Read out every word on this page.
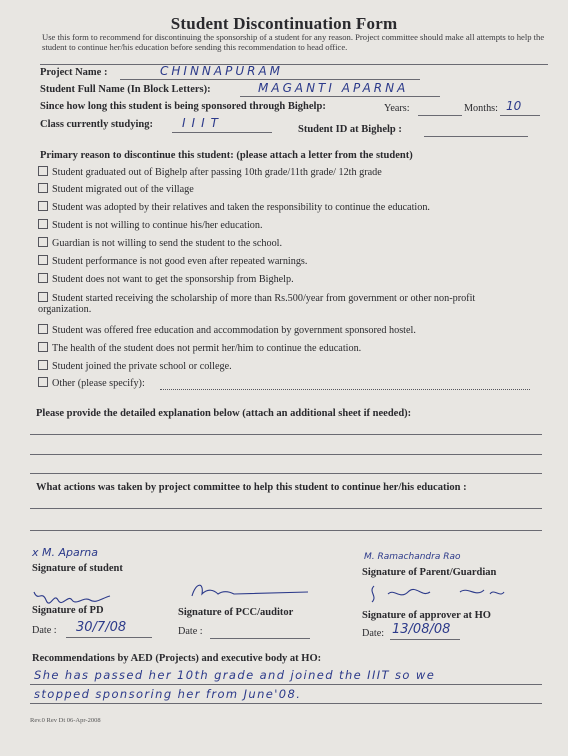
Student Discontinuation Form
Use this form to recommend for discontinuing the sponsorship of a student for any reason. Project committee should make all attempts to help the student to continue her/his education before sending this recommendation to head office.
Project Name :	CHINNAPURAM
Student Full Name (In Block Letters):	MAGANTI APARNA
Since how long this student is being sponsored through Bighelp:	Years:	Months: 10
Class currently studying: IIIT	Student ID at Bighelp :
Primary reason to discontinue this student: (please attach a letter from the student)
Student graduated out of Bighelp after passing 10th grade/11th grade/ 12th grade
Student migrated out of the village
Student was adopted by their relatives and taken the responsibility to continue the education.
Student is not willing to continue his/her education.
Guardian is not willing to send the student to the school.
Student performance is not good even after repeated warnings.
Student does not want to get the sponsorship from Bighelp.
Student started receiving the scholarship of more than Rs.500/year from government or other non-profit organization.
Student was offered free education and accommodation by government sponsored hostel.
The health of the student does not permit her/him to continue the education.
Student joined the private school or college.
Other (please specify):
Please provide the detailed explanation below (attach an additional sheet if needed):
What actions was taken by project committee to help this student to continue her/his education :
x M. Aparna
Signature of student
M. Ramachandra Rao
Signature of Parent/Guardian
Signature of PD	Signature of PCC/auditor	Signature of approver at HO
Date : 30/7/08	Date :	Date: 13/08/08
Recommendations by AED (Projects) and executive body at HO:
She has passed her 10th grade and joined the IIIT so we
stopped sponsoring her from June'08.
Rev.0 Rev Dt 06-Apr-2008
